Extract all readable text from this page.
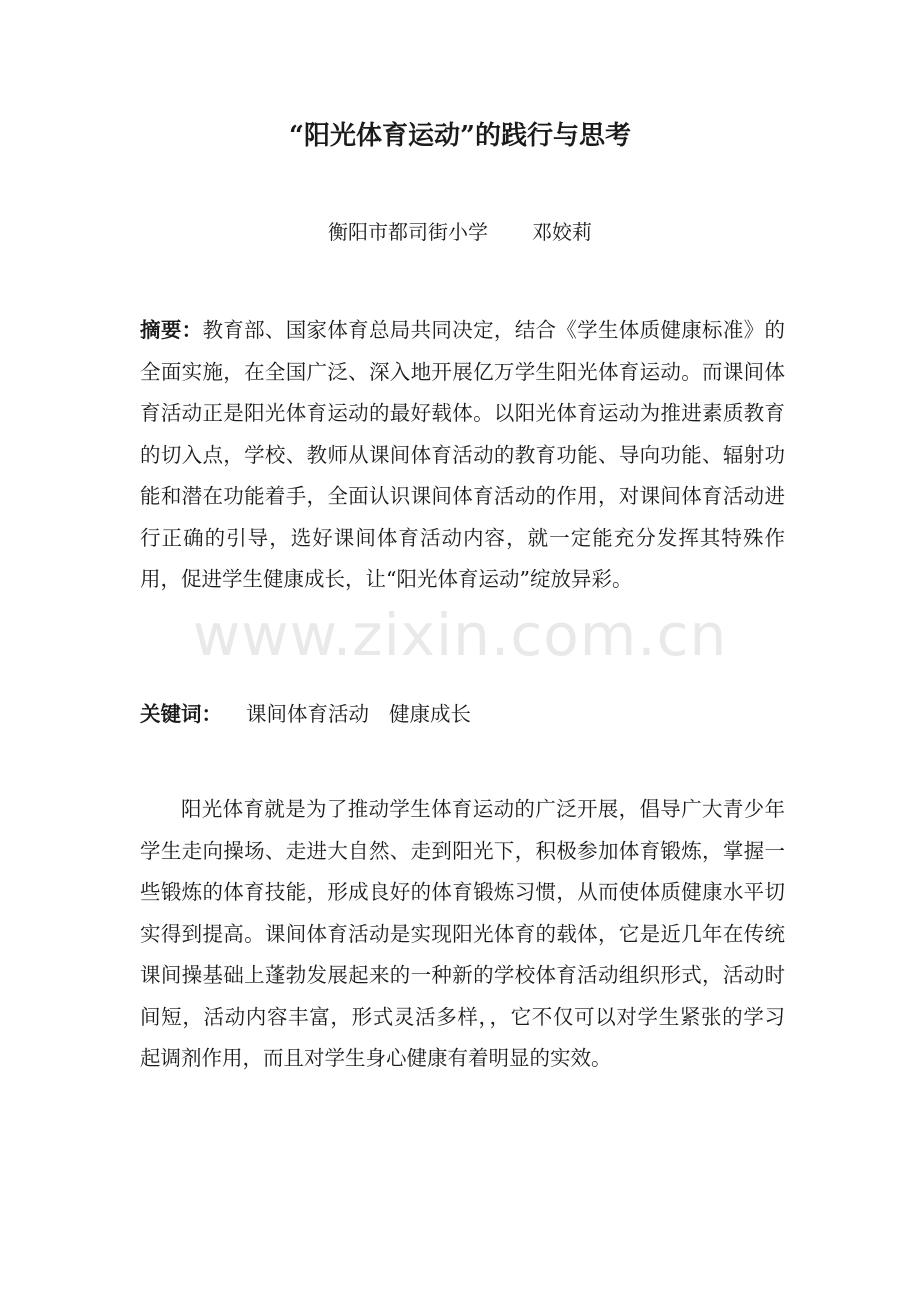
“阳光体育运动”的践行与思考

衡阳市都司街小学 邓姣莉

摘要：教育部、国家体育总局共同决定，结合《学生体质健康标准》的全面实施，在全国广泛、深入地开展亿万学生阳光体育运动。而课间体育活动正是阳光体育运动的最好载体。以阳光体育运动为推进素质教育的切入点，学校、教师从课间体育活动的教育功能、导向功能、辐射功能和潜在功能着手，全面认识课间体育活动的作用，对课间体育活动进行正确的引导，选好课间体育活动内容，就一定能充分发挥其特殊作用，促进学生健康成长，让“阳光体育运动”绽放异彩。

www.zixin.com.cn

关键词： 课间体育活动 健康成长

阳光体育就是为了推动学生体育运动的广泛开展，倡导广大青少年学生走向操场、走进大自然、走到阳光下，积极参加体育锻炼，掌握一些锻炼的体育技能，形成良好的体育锻炼习惯，从而使体质健康水平切实得到提高。课间体育活动是实现阳光体育的载体，它是近几年在传统课间操基础上蓬勃发展起来的一种新的学校体育活动组织形式，活动时间短，活动内容丰富，形式灵活多样，，它不仅可以对学生紧张的学习起调剂作用，而且对学生身心健康有着明显的实效。
